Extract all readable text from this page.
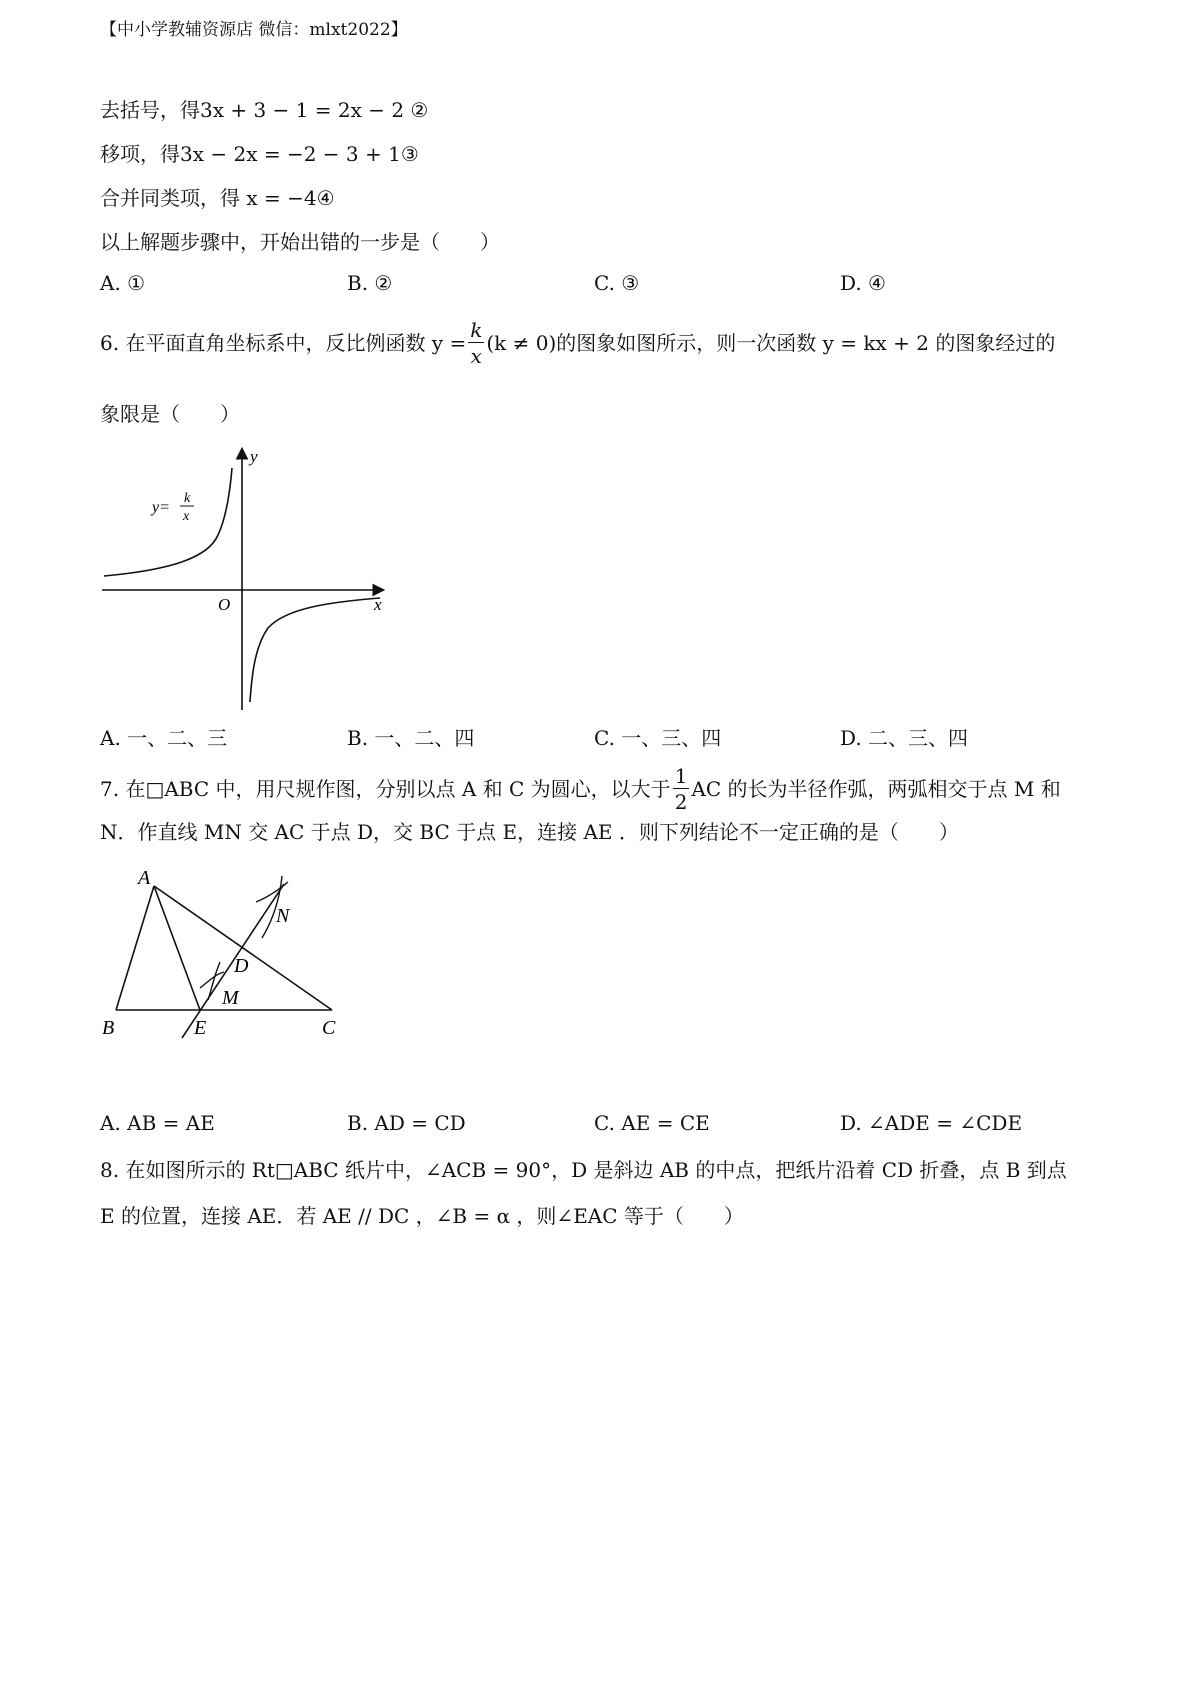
【中小学教辅资源店 微信：mlxt2022】
去括号，得3x + 3 − 1 = 2x − 2 ②
移项，得3x − 2x = −2 − 3 + 1③
合并同类项，得 x = −4④
以上解题步骤中，开始出错的一步是（　　）
A. ①	B. ②	C. ③	D. ④
6. 在平面直角坐标系中，反比例函数 $y = \frac{k}{x} (k \ne 0)$ 的图象如图所示，则一次函数 y = kx + 2 的图象经过的
象限是（　　）
y
x
O
y=
k
x
A. 一、二、三	B. 一、二、四	C. 一、三、四	D. 二、三、四
7. 在□ABC 中，用尺规作图，分别以点 A 和 C 为圆心，以大于 $\frac{1}{2}$ AC 的长为半径作弧，两弧相交于点 M 和
N．作直线 MN 交 AC 于点 D，交 BC 于点 E，连接 AE ．则下列结论不一定正确的是（　　）
A
B	C
D
E
M
N
A. AB = AE	B. AD = CD	C. AE = CE	D. ∠ADE = ∠CDE
8. 在如图所示的 Rt□ABC 纸片中，∠ACB = 90°，D 是斜边 AB 的中点，把纸片沿着 CD 折叠，点 B 到点
E 的位置，连接 AE．若 AE // DC ，∠B = α ，则∠EAC 等于（　　）
